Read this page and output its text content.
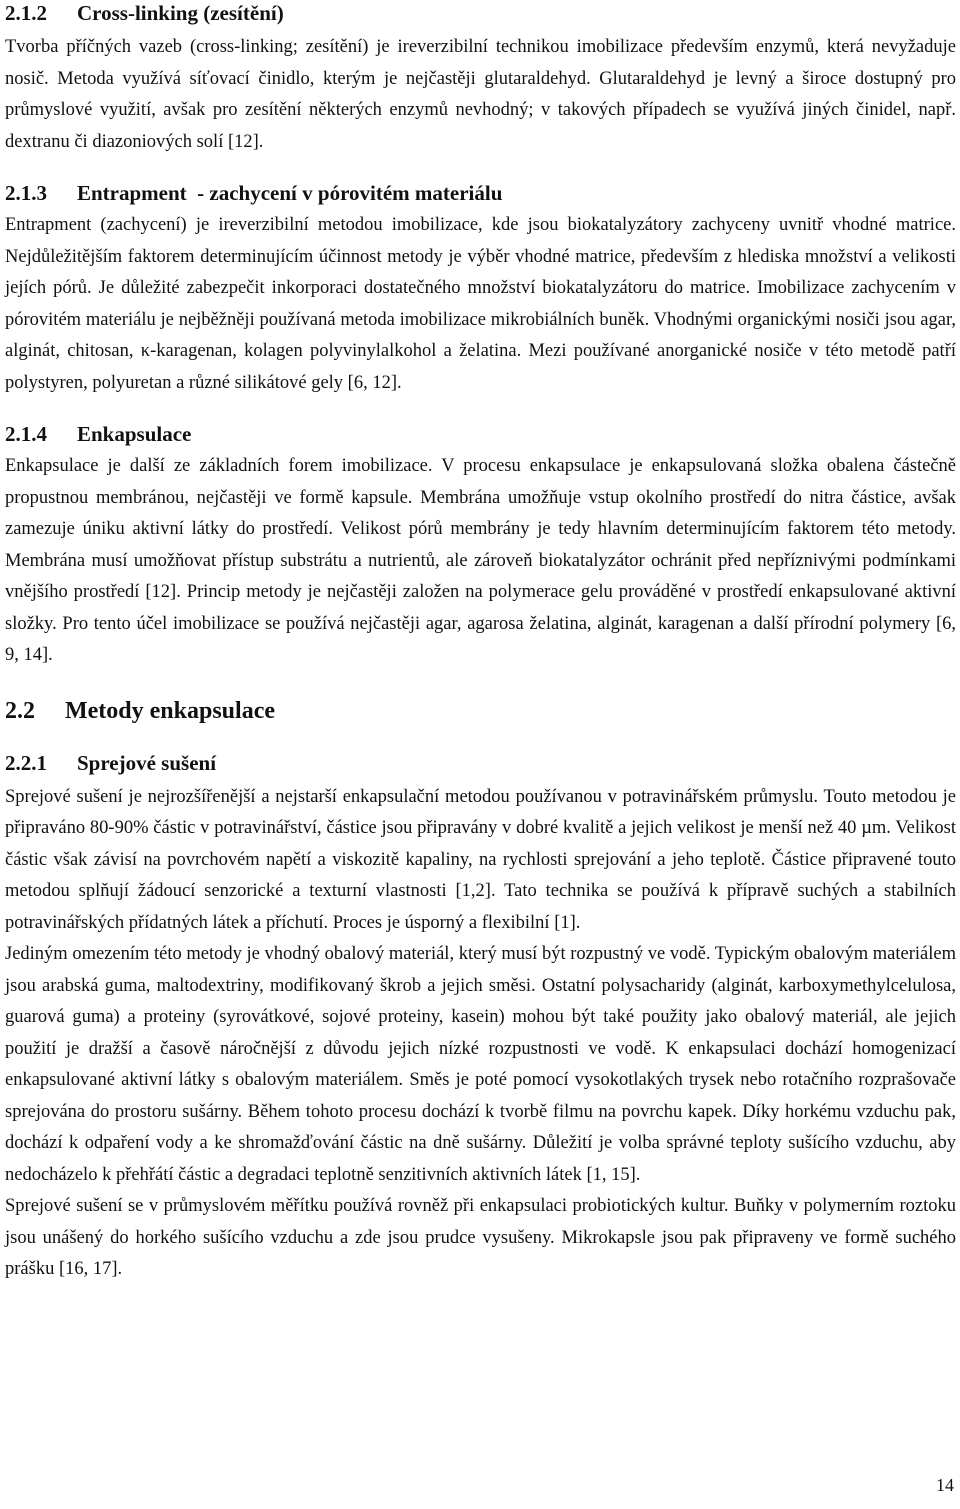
2.1.2	Cross-linking (zesítění)

Tvorba příčných vazeb (cross-linking; zesítění) je ireverzibilní technikou imobilizace především enzymů, která nevyžaduje nosič. Metoda využívá síťovací činidlo, kterým je nejčastěji glutaraldehyd. Glutaraldehyd je levný a široce dostupný pro průmyslové využití, avšak pro zesítění některých enzymů nevhodný; v takových případech se využívá jiných činidel, např. dextranu či diazoniových solí [12].

2.1.3	Entrapment  - zachycení v pórovitém materiálu

Entrapment (zachycení) je ireverzibilní metodou imobilizace, kde jsou biokatalyzátory zachyceny uvnitř vhodné matrice. Nejdůležitějším faktorem determinujícím účinnost metody je výběr vhodné matrice, především z hlediska množství a velikosti jejích pórů. Je důležité zabezpečit inkorporaci dostatečného množství biokatalyzátoru do matrice. Imobilizace zachycením v pórovitém materiálu je nejběžněji používaná metoda imobilizace mikrobiálních buněk. Vhodnými organickými nosiči jsou agar, alginát, chitosan, κ-karagenan, kolagen polyvinylalkohol a želatina. Mezi používané anorganické nosiče v této metodě patří polystyren, polyuretan a různé silikátové gely [6, 12].

2.1.4	Enkapsulace

Enkapsulace je další ze základních forem imobilizace. V procesu enkapsulace je enkapsulovaná složka obalena částečně propustnou membránou, nejčastěji ve formě kapsule. Membrána umožňuje vstup okolního prostředí do nitra částice, avšak zamezuje úniku aktivní látky do prostředí. Velikost pórů membrány je tedy hlavním determinujícím faktorem této metody. Membrána musí umožňovat přístup substrátu a nutrientů, ale zároveň biokatalyzátor ochránit před nepříznivými podmínkami vnějšího prostředí [12]. Princip metody je nejčastěji založen na polymerace gelu prováděné v prostředí enkapsulované aktivní složky. Pro tento účel imobilizace se používá nejčastěji agar, agarosa želatina, alginát, karagenan a další přírodní polymery [6, 9, 14].

2.2	Metody enkapsulace
2.2.1	Sprejové sušení

Sprejové sušení je nejrozšířenější a nejstarší enkapsulační metodou používanou v potravinářském průmyslu. Touto metodou je připraváno 80-90% částic v potravinářství, částice jsou připravány v dobré kvalitě a jejich velikost je menší než 40 µm. Velikost částic však závisí na povrchovém napětí a viskozitě kapaliny, na rychlosti sprejování a jeho teplotě. Částice připravené touto metodou splňují žádoucí senzorické a texturní vlastnosti [1,2]. Tato technika se používá k přípravě suchých a stabilních potravinářských přídatných látek a příchutí. Proces je úsporný a flexibilní [1].

Jediným omezením této metody je vhodný obalový materiál, který musí být rozpustný ve vodě. Typickým obalovým materiálem jsou arabská guma, maltodextriny, modifikovaný škrob a jejich směsi. Ostatní polysacharidy (alginát, karboxymethylcelulosa, guarová guma) a proteiny (syrovátkové, sojové proteiny, kasein) mohou být také použity jako obalový materiál, ale jejich použití je dražší a časově náročnější z důvodu jejich nízké rozpustnosti ve vodě. K enkapsulaci dochází homogenizací enkapsulované aktivní látky s obalovým materiálem. Směs je poté pomocí vysokotlakých trysek nebo rotačního rozprašovače sprejována do prostoru sušárny. Během tohoto procesu dochází k tvorbě filmu na povrchu kapek. Díky horkému vzduchu pak, dochází k odpaření vody a ke shromažďování částic na dně sušárny. Důležití je volba správné teploty sušícího vzduchu, aby nedocházelo k přehřátí částic a degradaci teplotně senzitivních aktivních látek [1, 15].

Sprejové sušení se v průmyslovém měřítku používá rovněž při enkapsulaci probiotických kultur. Buňky v polymerním roztoku jsou unášený do horkého sušícího vzduchu a zde jsou prudce vysušeny. Mikrokapsle jsou pak připraveny ve formě suchého prášku [16, 17].

14
